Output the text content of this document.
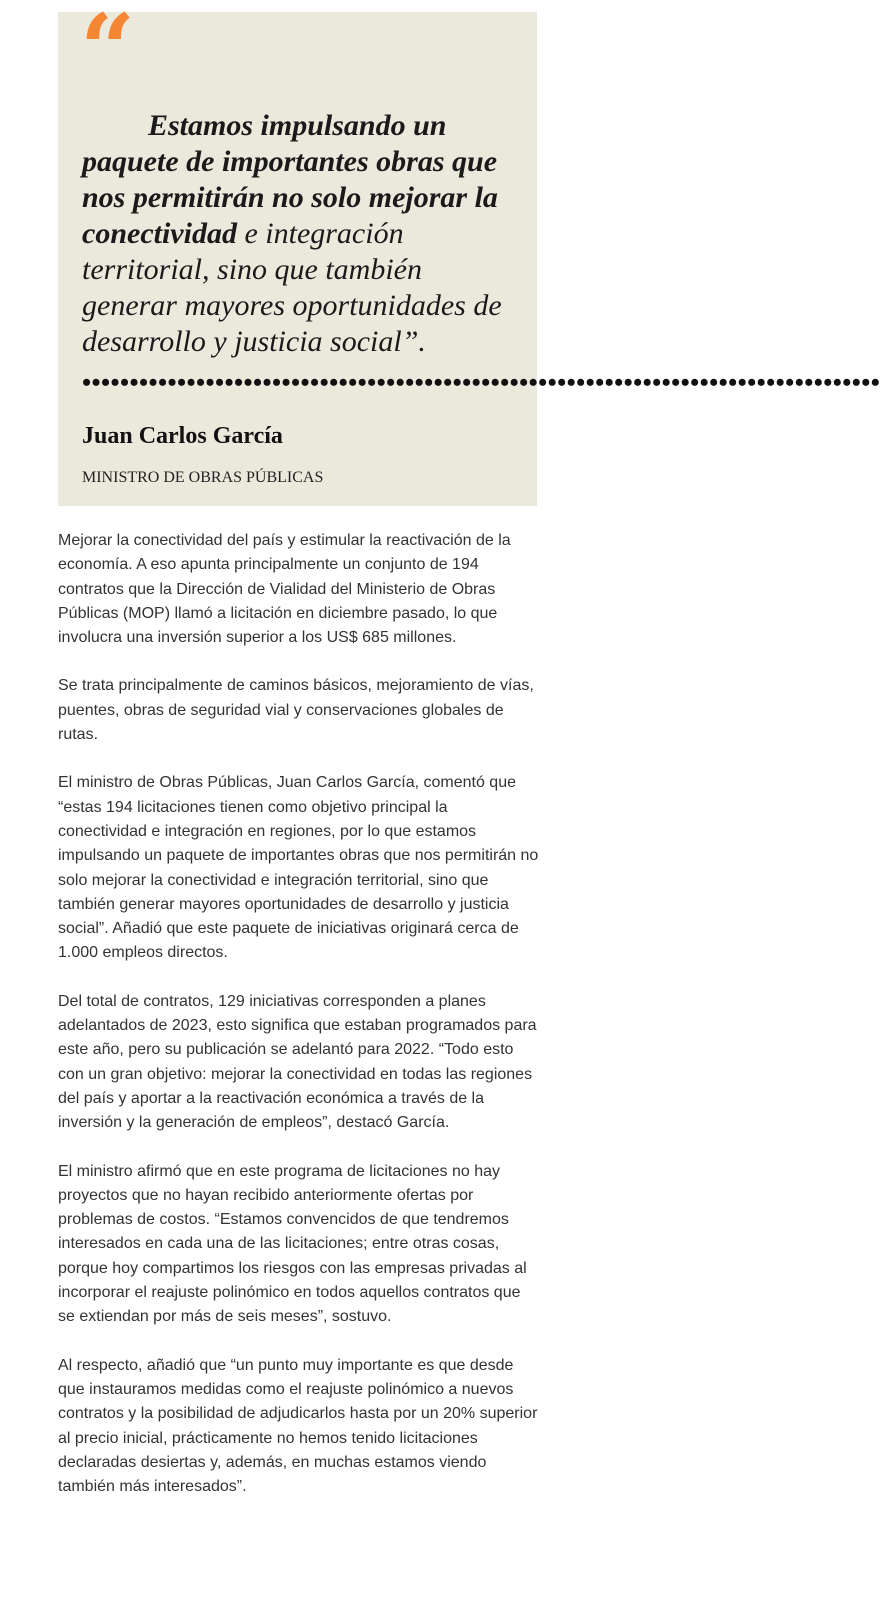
“

Estamos impulsando un paquete de importantes obras que nos permitirán no solo mejorar la conectividad e integración territorial, sino que también generar mayores oportunidades de desarrollo y justicia social”.

••••••••••••••••••••••••••••••••••••••••••••••••••••••••••••••••••••••••••••••••••••

Juan Carlos García

MINISTRO DE OBRAS PÚBLICAS

Mejorar la conectividad del país y estimular la reactivación de la economía. A eso apunta principalmente un conjunto de 194 contratos que la Dirección de Vialidad del Ministerio de Obras Públicas (MOP) llamó a licitación en diciembre pasado, lo que involucra una inversión superior a los US$ 685 millones.

Se trata principalmente de caminos básicos, mejoramiento de vías, puentes, obras de seguridad vial y conservaciones globales de rutas.

El ministro de Obras Públicas, Juan Carlos García, comentó que “estas 194 licitaciones tienen como objetivo principal la conectividad e integración en regiones, por lo que estamos impulsando un paquete de importantes obras que nos permitirán no solo mejorar la conectividad e integración territorial, sino que también generar mayores oportunidades de desarrollo y justicia social”. Añadió que este paquete de iniciativas originará cerca de 1.000 empleos directos.

Del total de contratos, 129 iniciativas corresponden a planes adelantados de 2023, esto significa que estaban programados para este año, pero su publicación se adelantó para 2022. “Todo esto con un gran objetivo: mejorar la conectividad en todas las regiones del país y aportar a la reactivación económica a través de la inversión y la generación de empleos”, destacó García.

El ministro afirmó que en este programa de licitaciones no hay proyectos que no hayan recibido anteriormente ofertas por problemas de costos. “Estamos convencidos de que tendremos interesados en cada una de las licitaciones; entre otras cosas, porque hoy compartimos los riesgos con las empresas privadas al incorporar el reajuste polinómico en todos aquellos contratos que se extiendan por más de seis meses”, sostuvo.

Al respecto, añadió que “un punto muy importante es que desde que instauramos medidas como el reajuste polinómico a nuevos contratos y la posibilidad de adjudicarlos hasta por un 20% superior al precio inicial, prácticamente no hemos tenido licitaciones declaradas desiertas y, además, en muchas estamos viendo también más interesados”.
